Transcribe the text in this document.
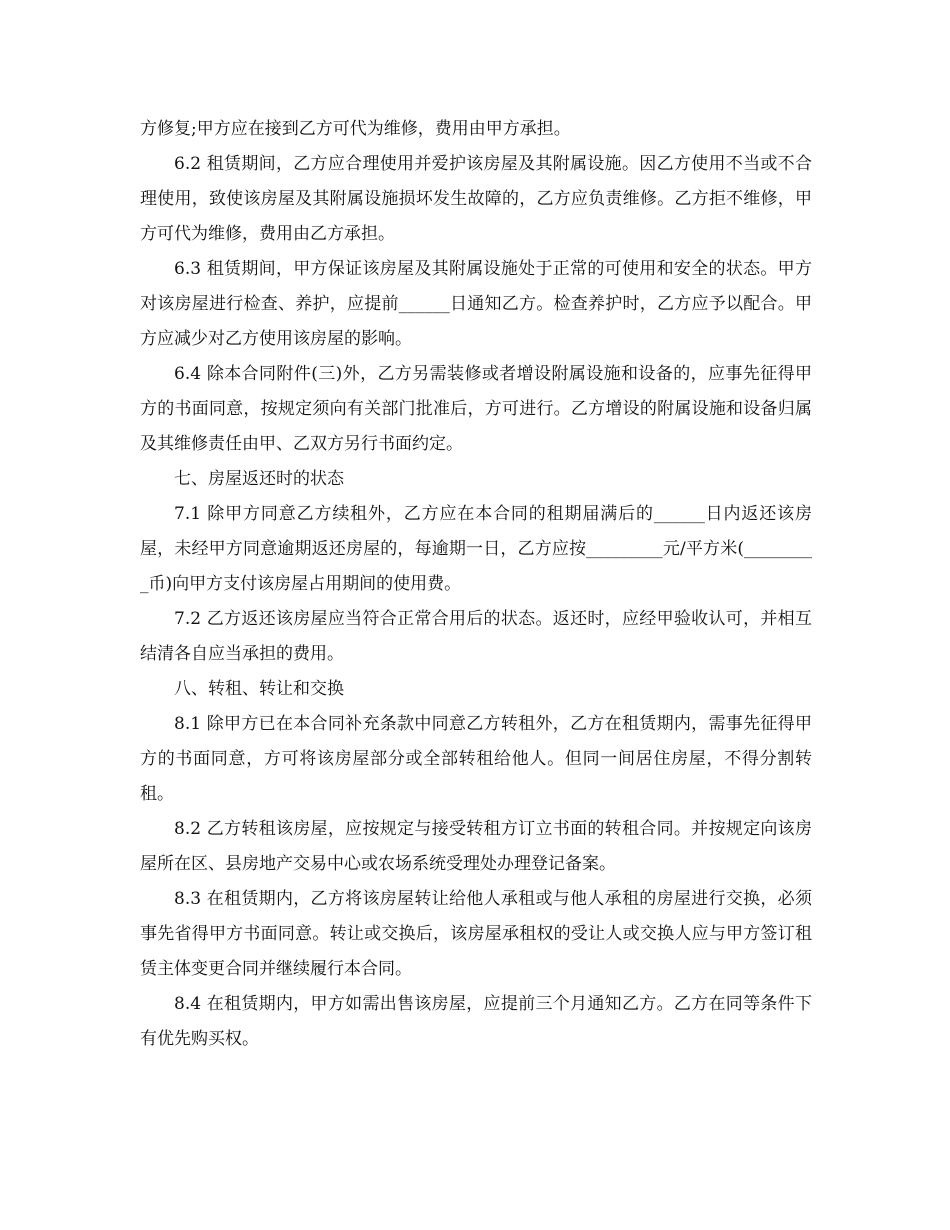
方修复;甲方应在接到乙方可代为维修，费用由甲方承担。

6.2 租赁期间，乙方应合理使用并爱护该房屋及其附属设施。因乙方使用不当或不合理使用，致使该房屋及其附属设施损坏发生故障的，乙方应负责维修。乙方拒不维修，甲方可代为维修，费用由乙方承担。

6.3 租赁期间，甲方保证该房屋及其附属设施处于正常的可使用和安全的状态。甲方对该房屋进行检查、养护，应提前______日通知乙方。检查养护时，乙方应予以配合。甲方应减少对乙方使用该房屋的影响。

6.4 除本合同附件(三)外，乙方另需装修或者增设附属设施和设备的，应事先征得甲方的书面同意，按规定须向有关部门批准后，方可进行。乙方增设的附属设施和设备归属及其维修责任由甲、乙双方另行书面约定。

七、房屋返还时的状态

7.1 除甲方同意乙方续租外，乙方应在本合同的租期届满后的______日内返还该房屋，未经甲方同意逾期返还房屋的，每逾期一日，乙方应按_________元/平方米(_________币)向甲方支付该房屋占用期间的使用费。

7.2 乙方返还该房屋应当符合正常合用后的状态。返还时，应经甲验收认可，并相互结清各自应当承担的费用。

八、转租、转让和交换

8.1 除甲方已在本合同补充条款中同意乙方转租外，乙方在租赁期内，需事先征得甲方的书面同意，方可将该房屋部分或全部转租给他人。但同一间居住房屋，不得分割转租。

8.2 乙方转租该房屋，应按规定与接受转租方订立书面的转租合同。并按规定向该房屋所在区、县房地产交易中心或农场系统受理处办理登记备案。

8.3 在租赁期内，乙方将该房屋转让给他人承租或与他人承租的房屋进行交换，必须事先省得甲方书面同意。转让或交换后，该房屋承租权的受让人或交换人应与甲方签订租赁主体变更合同并继续履行本合同。

8.4 在租赁期内，甲方如需出售该房屋，应提前三个月通知乙方。乙方在同等条件下有优先购买权。
